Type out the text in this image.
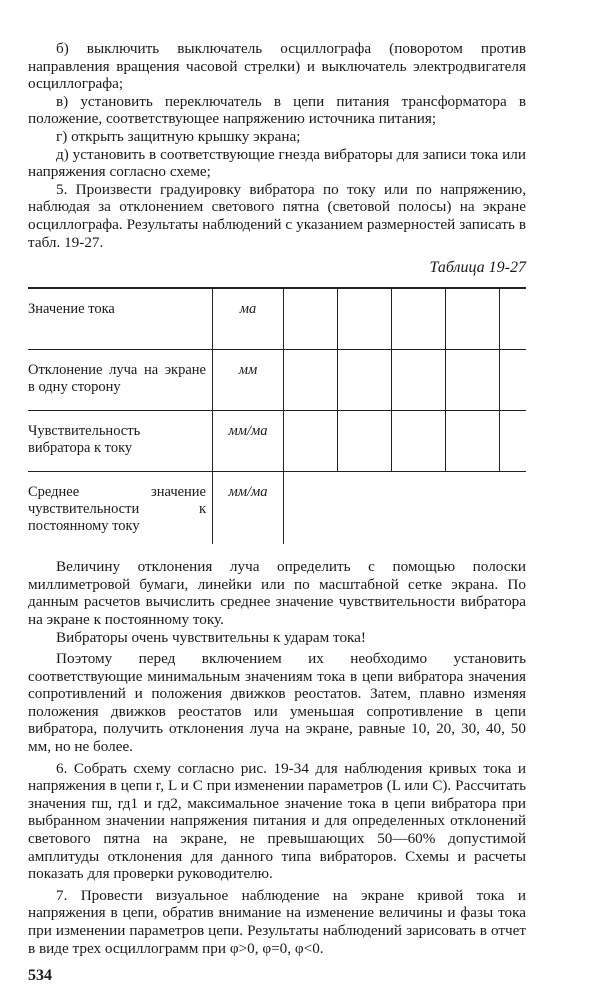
б) выключить выключатель осциллографа (поворотом против направления вращения часовой стрелки) и выключатель электродвигателя осциллографа;

в) установить переключатель в цепи питания трансформатора в положение, соответствующее напряжению источника питания;

г) открыть защитную крышку экрана;

д) установить в соответствующие гнезда вибраторы для записи тока или напряжения согласно схеме;

5. Произвести градуировку вибратора по току или по напряжению, наблюдая за отклонением светового пятна (световой полосы) на экране осциллографа. Результаты наблюдений с указанием размерностей записать в табл. 19-27.

Таблица 19-27
Значение тока	ма					
Отклонение луча на экране в одну сторону	мм					
Чувствительность вибратора к току	мм/ма					
Среднее значение чувствительности к постоянному току	мм/ма					

Величину отклонения луча определить с помощью полоски миллиметровой бумаги, линейки или по масштабной сетке экрана. По данным расчетов вычислить среднее значение чувствительности вибратора на экране к постоянному току.

Вибраторы очень чувствительны к ударам тока!

Поэтому перед включением их необходимо установить соответствующие минимальным значениям тока в цепи вибратора значения сопротивлений и положения движков реостатов. Затем, плавно изменяя положения движков реостатов или уменьшая сопротивление в цепи вибратора, получить отклонения луча на экране, равные 10, 20, 30, 40, 50 мм, но не более.

6. Собрать схему согласно рис. 19-34 для наблюдения кривых тока и напряжения в цепи r, L и C при изменении параметров (L или C). Рассчитать значения rш, rд1 и rд2, максимальное значение тока в цепи вибратора при выбранном значении напряжения питания и для определенных отклонений светового пятна на экране, не превышающих 50—60% допустимой амплитуды отклонения для данного типа вибраторов. Схемы и расчеты показать для проверки руководителю.

7. Провести визуальное наблюдение на экране кривой тока и напряжения в цепи, обратив внимание на изменение величины и фазы тока при изменении параметров цепи. Результаты наблюдений зарисовать в отчет в виде трех осциллограмм при φ>0, φ=0, φ<0.

534
